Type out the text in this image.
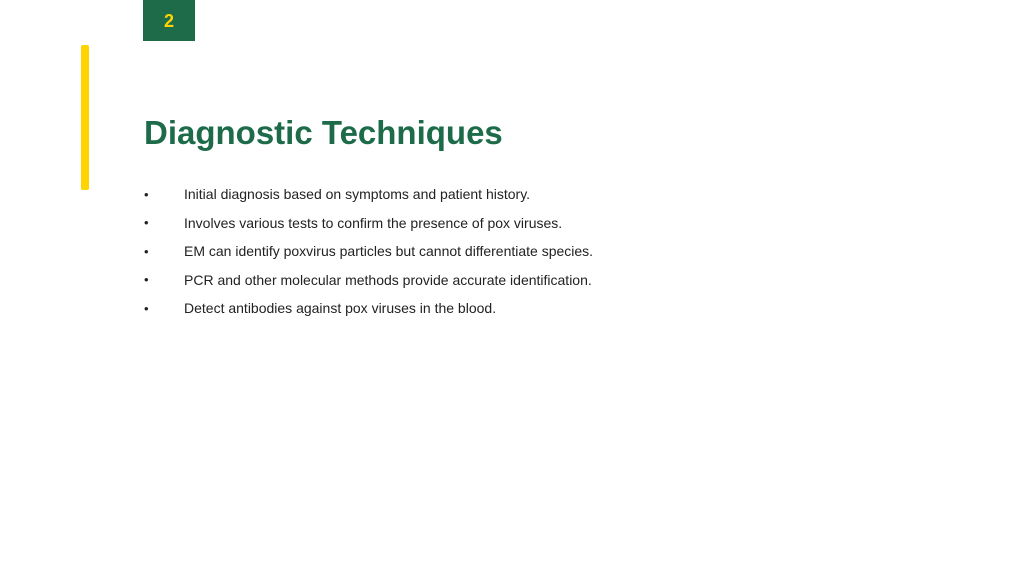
2
Diagnostic Techniques
•	Initial diagnosis based on symptoms and patient history.
•	Involves various tests to confirm the presence of pox viruses.
•	EM can identify poxvirus particles but cannot differentiate species.
•	PCR and other molecular methods provide accurate identification.
•	Detect antibodies against pox viruses in the blood.
